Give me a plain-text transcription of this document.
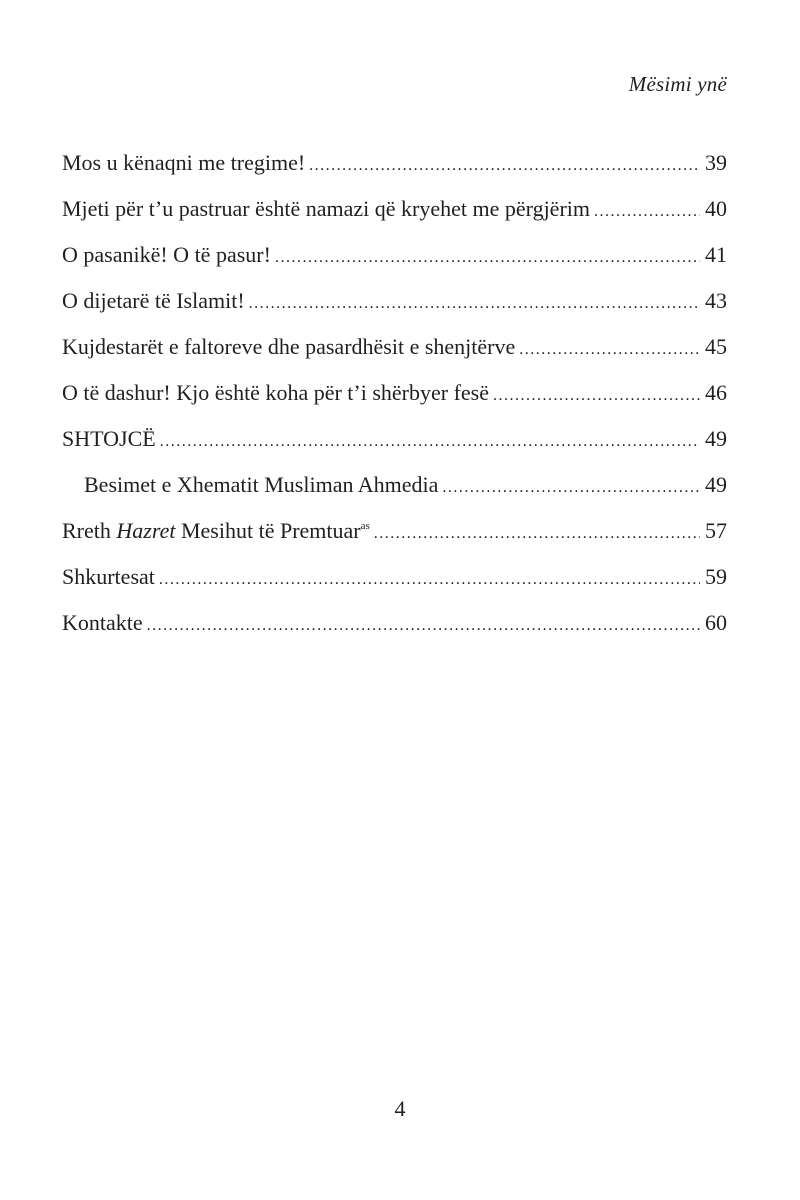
Mësimi ynë
Mos u kënaqni me tregime! .....	39
Mjeti për t’u pastruar është namazi që kryehet me përgjërim .....	40
O pasanikë! O të pasur! .....	41
O dijetarë të Islamit! .....	43
Kujdestarët e faltoreve dhe pasardhësit e shenjtërve .....	45
O të dashur! Kjo është koha për t’i shërbyer fesë .....	46
SHTOJCË .....	49
Besimet e Xhematit Musliman Ahmedia .....	49
Rreth Hazret Mesihut të Premtuar$^{as}$ .....	57
Shkurtesat .....	59
Kontakte .....	60
4
